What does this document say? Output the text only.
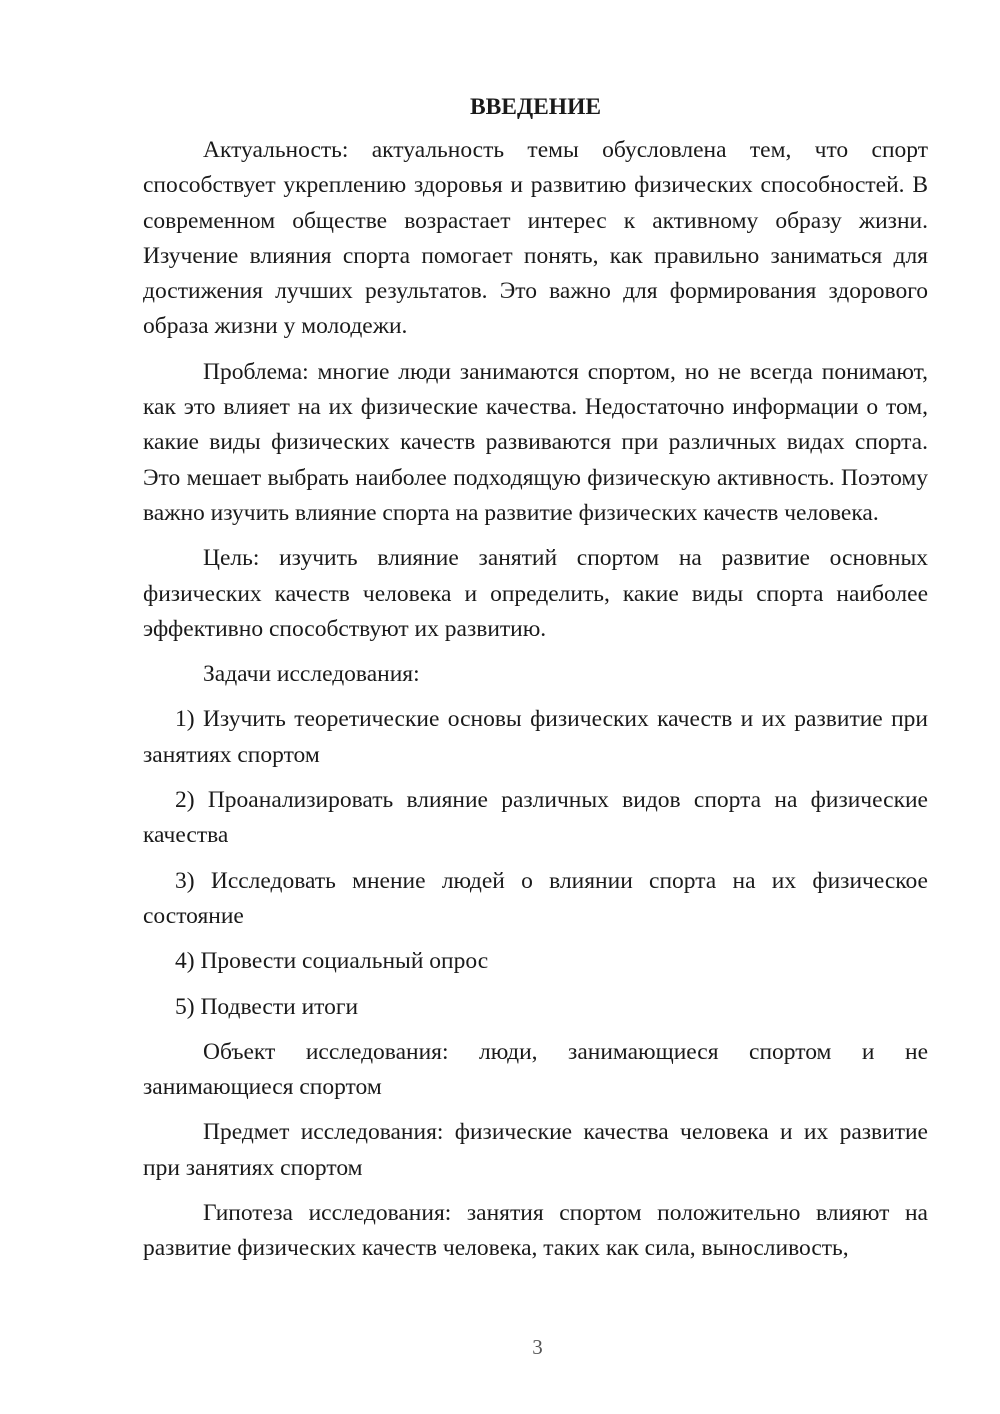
ВВЕДЕНИЕ

Актуальность: актуальность темы обусловлена тем, что спорт способствует укреплению здоровья и развитию физических способностей. В современном обществе возрастает интерес к активному образу жизни. Изучение влияния спорта помогает понять, как правильно заниматься для достижения лучших результатов. Это важно для формирования здорового образа жизни у молодежи.

Проблема: многие люди занимаются спортом, но не всегда понимают, как это влияет на их физические качества. Недостаточно информации о том, какие виды физических качеств развиваются при различных видах спорта. Это мешает выбрать наиболее подходящую физическую активность. Поэтому важно изучить влияние спорта на развитие физических качеств человека.

Цель: изучить влияние занятий спортом на развитие основных физических качеств человека и определить, какие виды спорта наиболее эффективно способствуют их развитию.

Задачи исследования:

1) Изучить теоретические основы физических качеств и их развитие при занятиях спортом

2) Проанализировать влияние различных видов спорта на физические качества

3) Исследовать мнение людей о влиянии спорта на их физическое состояние

4) Провести социальный опрос

5) Подвести итоги

Объект исследования: люди, занимающиеся спортом и не занимающиеся спортом

Предмет исследования: физические качества человека и их развитие при занятиях спортом

Гипотеза исследования: занятия спортом положительно влияют на развитие физических качеств человека, таких как сила, выносливость,

3
